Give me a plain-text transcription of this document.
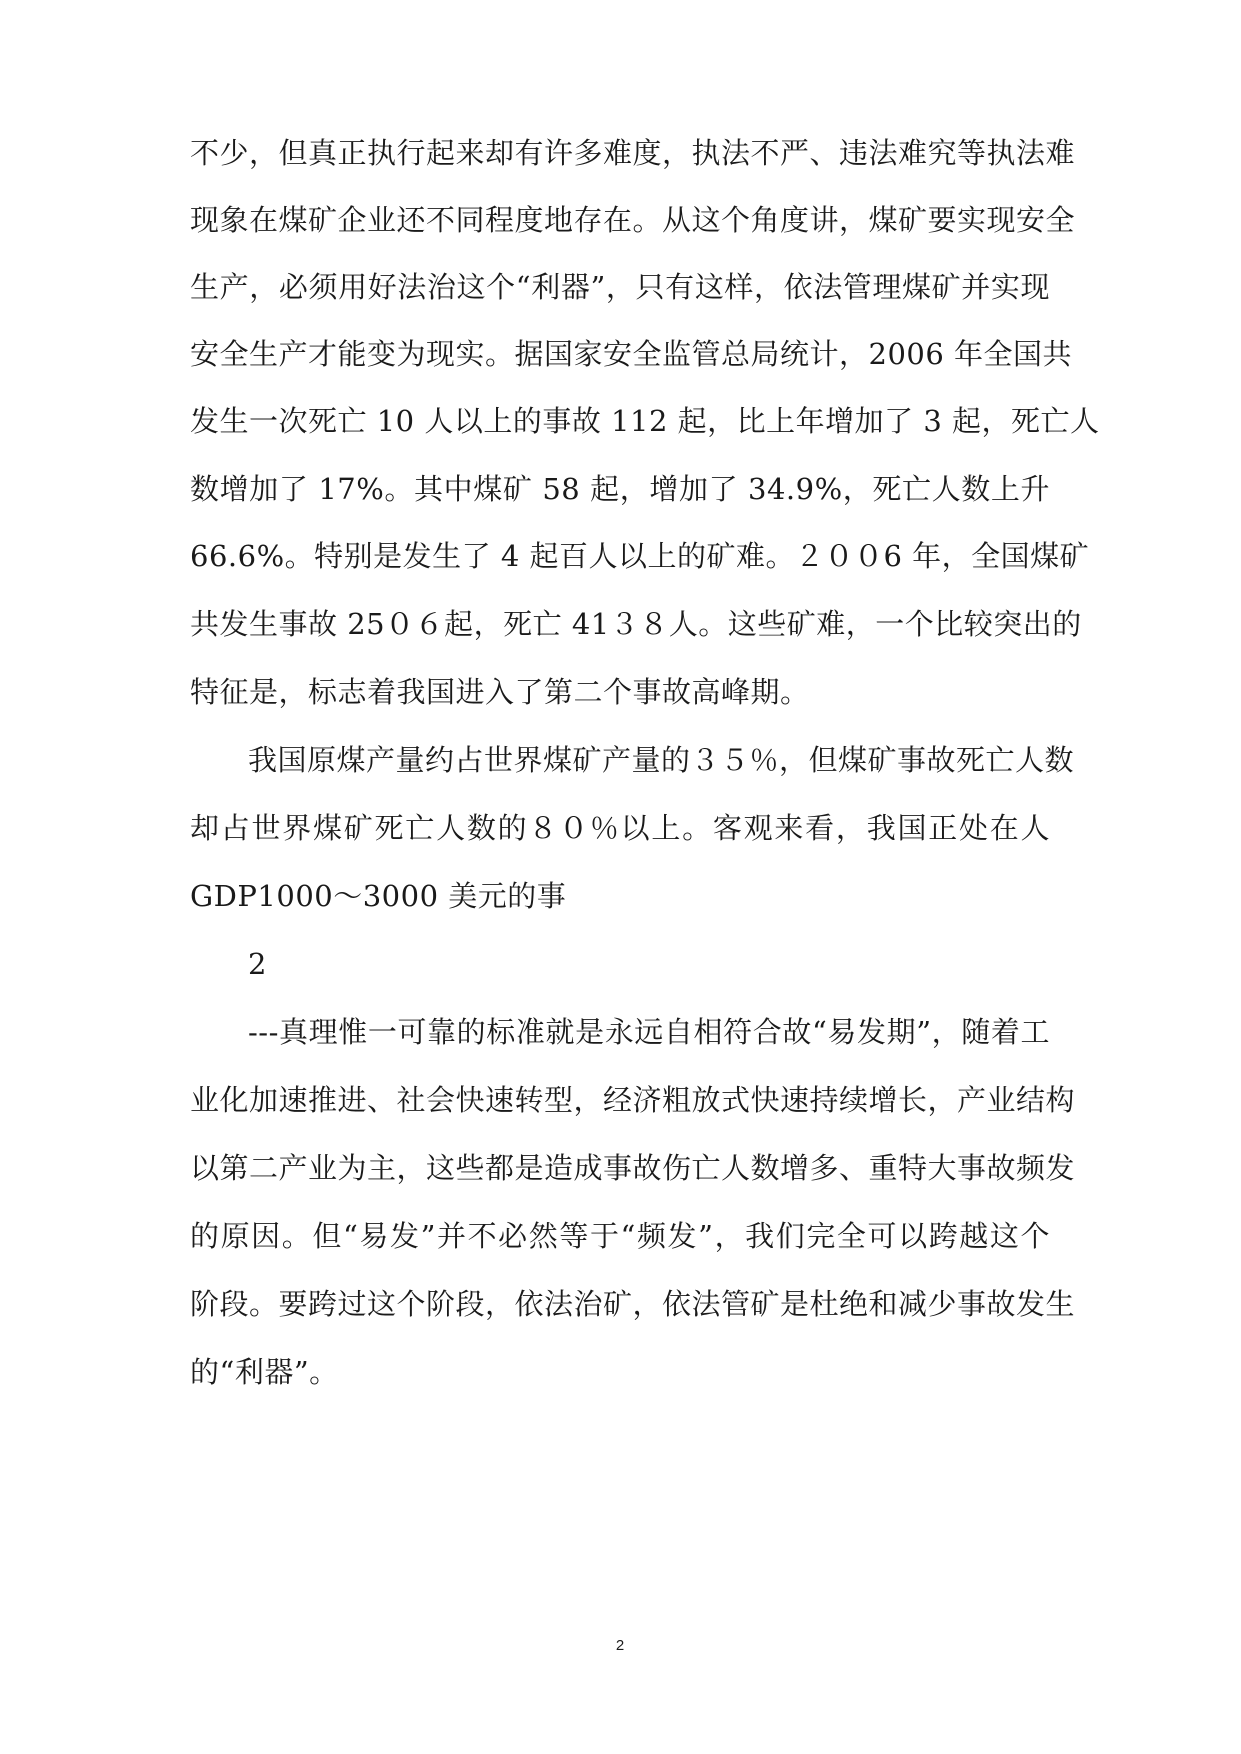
不少，但真正执行起来却有许多难度，执法不严、违法难究等执法难
现象在煤矿企业还不同程度地存在。从这个角度讲，煤矿要实现安全
生产，必须用好法治这个“利器”，只有这样，依法管理煤矿并实现
安全生产才能变为现实。据国家安全监管总局统计，2006 年全国共
发生一次死亡 10 人以上的事故 112 起，比上年增加了 3 起，死亡人
数增加了 17%。其中煤矿 58 起，增加了 34.9%，死亡人数上升
66.6%。特别是发生了 4 起百人以上的矿难。２００6 年，全国煤矿
共发生事故 25０６起，死亡 41３８人。这些矿难，一个比较突出的
特征是，标志着我国进入了第二个事故高峰期。
我国原煤产量约占世界煤矿产量的３５％，但煤矿事故死亡人数
却占世界煤矿死亡人数的８０％以上。客观来看，我国正处在人
GDP1000～3000 美元的事
2
---真理惟一可靠的标准就是永远自相符合故“易发期”，随着工
业化加速推进、社会快速转型，经济粗放式快速持续增长，产业结构
以第二产业为主，这些都是造成事故伤亡人数增多、重特大事故频发
的原因。但“易发”并不必然等于“频发”，我们完全可以跨越这个
阶段。要跨过这个阶段，依法治矿，依法管矿是杜绝和减少事故发生
的“利器”。
2
